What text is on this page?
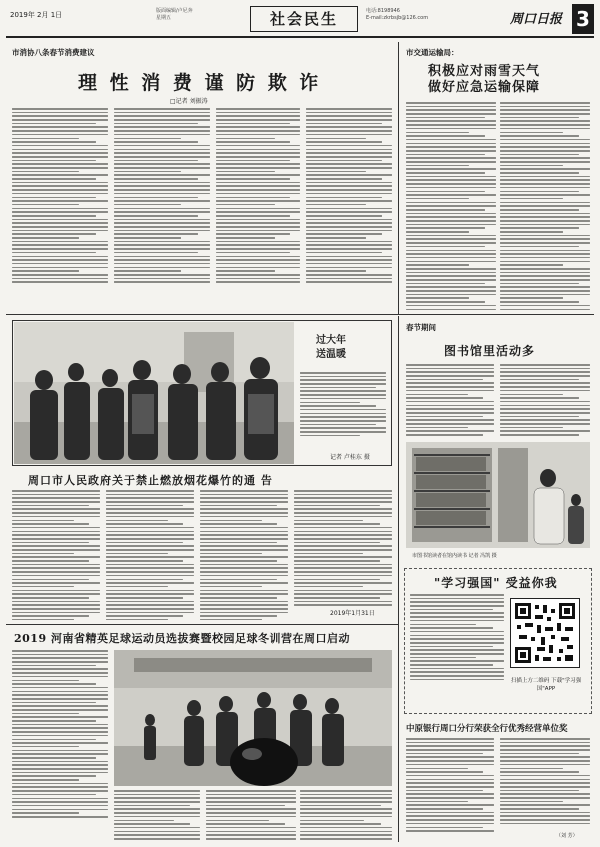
2019年 2月 1日	版面编辑/卢尼奔
星期五	社会民生	电话:8198946
E-mail:zkrbsjb@126.com	周口日报 3
市消协八条春节消费建议
理 性 消 费 谨 防 欺 诈
□记者 刘振涛
市交通运输局：
积极应对雨雪天气
做好应急运输保障
过大年
送温暖
记者 卢桂东 摄
周口市人民政府关于禁止燃放烟花爆竹的通 告
2019年1月31日
2019 河南省精英足球运动员选拔赛暨校园足球冬训营在周口启动
春节期间
图书馆里活动多
市图书馆读者在馆内读书 记者 冯凯 摄
"学习强国" 受益你我
扫描上方二维码 下载"学习强国"APP
中原银行周口分行荣获全行优秀经营单位奖
（刘 芳）
